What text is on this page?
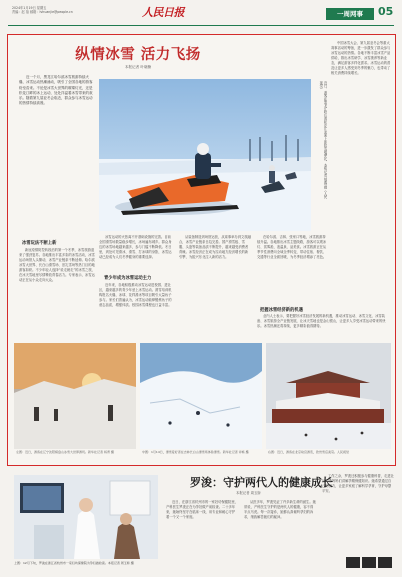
2024年1月19日 星期五
责编：赵 蓓 邮箱：lvhuanjie@people.cn	人民日报	一周网事	05
纵情冰雪 活力飞扬
本报记者 叶晓楠
近一个月，黑龙江哈尔滨冰雪旅游持续火爆，冰雪运动热潮涌动，吸引了全国各地的游客纷至沓来。不论是冰雪大世界的璀璨灯光，还是松花江畔的冰上运动，处处洋溢着冰雪带来的欢乐。随着第九届亚冬会临近，群众参与冰雪运动的热情持续高涨。	近日，游客在黑龙江哈尔滨松花江冰面上体验雪地摩托。本报记者 郝鑫 摄（人民视觉）
中国冰雪大会、第九届亚冬会等重大赛事活动的筹备，进一步激发了群众参与冰雪运动的热情。各地不断丰富冰雪产品供给，推出冰雪研学、冰雪康养等新业态，满足游客多样化需求。冰雪运动的普及让更多人感受到冬季的魅力，也带动了相关消费持续增长。
冰雪玩法不断上新
新冠疫情防控转段后的第一个冬季，冰雪旅游迎来了强劲复苏。各地推出丰富多彩的冰雪活动，冰雪运动场馆人头攒动，冰雪产业链条不断延伸。哈尔滨冰雪大世界、长白山滑雪场、崇礼雪场等热门目的地游客如织。不少年轻人选择“说走就走”的冰雪之旅，在冰天雪地里尽情释放青春活力。专家表示，冰雪运动正在从小众走向大众。
冰雪运动的火热离不开基础设施的完善。目前全国滑雪场数量稳步增长，冰场遍布城乡。群众身边的冰雪场地越来越多，参与门槛不断降低。冬日里，到处可见滑冰、滑雪、打冰球的身影，冰雪运动已经成为人们冬季健身的重要选择。
青少年成为冰雪运动主力
近年来，各地积极推动冰雪运动进校园、进社区，越来越多的青少年爱上冰雪运动。滑雪培训机构报名火爆，冰球、花样滑冰等项目吸引大量孩子参与。家长们普遍认为，冰雪运动能够锻炼孩子的意志品质，增强体质。校园冰雪课程也日益丰富。
从装备制造到场馆运营，从赛事举办到文旅融合，冰雪产业链条日趋完善。国产滑雪板、雪服、头盔等装备品质不断提升，越来越受消费者青睐。冰雪经济正在成为拉动地方经济增长的新引擎，为振兴东北注入新的活力。
在哈尔滨、吉林、张家口等地，冰雪旅游持续升温。各地推出冰雪主题线路，游客可以观冰灯、赏雾凇、泡温泉、品美食。冰雪旅游正在从季节性消费向全域全季转变，带动住宿、餐饮、交通等行业全面回暖，为冬季经济增添了亮色。
把握冰雪经济新的机遇
业内人士表示，要把握好冰雪经济发展的新机遇，推动冰雪运动、冰雪文化、冰雪装备、冰雪旅游全产业链发展，让冰天雪地也是金山银山，让更多人享受冰雪运动带来的快乐。冰雪热潮还将持续，更多精彩值得期待。
左图：近日，游客在辽宁沈阳棋盘山冰雪大世界游玩。新华社记者 杨青 摄	中图：1月14日，滑雪爱好者在吉林长白山滑雪场体验滑雪。新华社记者 许畅 摄	右图：近日，游客在北京故宫游览，欣赏雪后美景。人民视觉
上图：12月下旬，罗浚在浙江省杭州市一家妇幼保健院为孕妇做检查。本报记者 周玉娇 摄
罗浚：守护两代人的健康成长
本报记者 周玉娇
近日，在浙江省杭州市的一家妇幼保健院里，产科医生罗浚正在为孕妇做产前检查。二十多年来，她始终坚守在临床一线，用专业和耐心守护着一个又一个家庭。
从医多年，罗浚见证了许多新生命的诞生。她常说，产科医生守护的是两代人的健康，容不得半点马虎。每一次接诊，她都认真倾听孕妇的诉求，细致解答她们的疑问。
工作之余，罗浚还积极参与健康科普，走进社区为准妈妈们讲解孕期保健知识。她希望通过自己的努力，让更多家庭了解科学孕育，守护母婴平安。
